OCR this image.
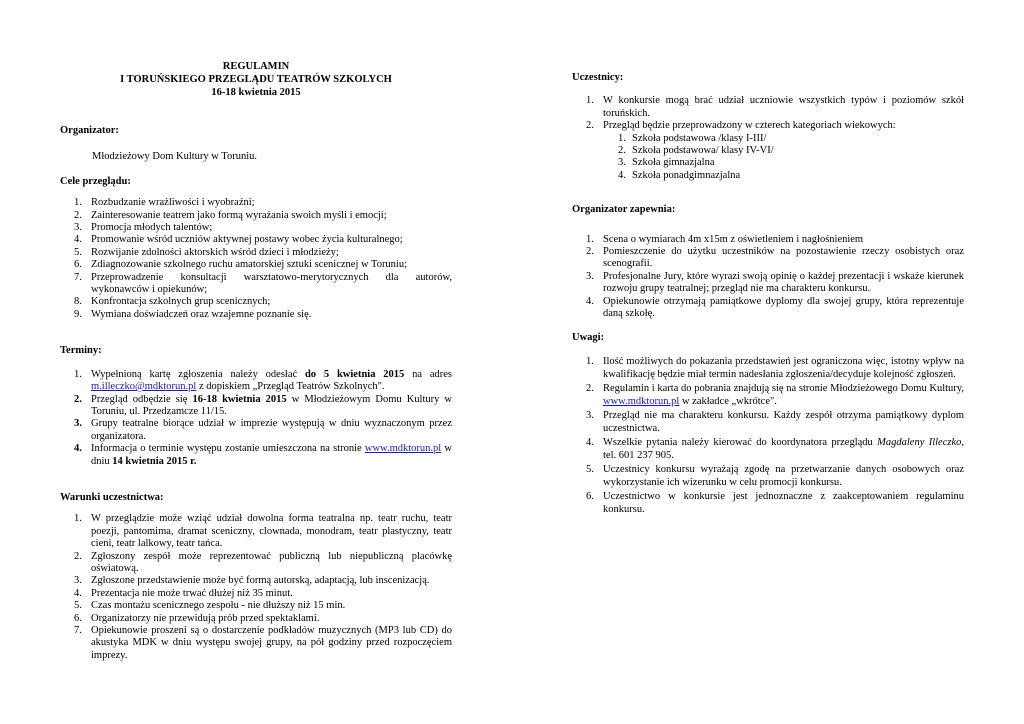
REGULAMIN
I TORUŃSKIEGO PRZEGLĄDU TEATRÓW SZKOLYCH
16-18 kwietnia 2015
Organizator:
Młodzieżowy Dom Kultury w Toruniu.
Cele przeglądu:
1. Rozbudzanie wrażliwości i wyobraźni;
2. Zainteresowanie teatrem jako formą wyrażania swoich myśli i emocji;
3. Promocja młodych talentów;
4. Promowanie wśród uczniów aktywnej postawy wobec życia kulturalnego;
5. Rozwijanie zdolności aktorskich wśród dzieci i młodzieży;
6. Zdiagnozowanie szkolnego ruchu amatorskiej sztuki scenicznej w Toruniu;
7. Przeprowadzenie konsultacji warsztatowo-merytorycznych dla autorów, wykonawców i opiekunów;
8. Konfrontacja szkolnych grup scenicznych;
9. Wymiana doświadczeń oraz wzajemne poznanie się.
Terminy:
1. Wypełnioną kartę zgłoszenia należy odesłać do 5 kwietnia 2015 na adres m.illeczko@mdktorun.pl z dopiskiem „Przegląd Teatrów Szkolnych".
2. Przegląd odbędzie się 16-18 kwietnia 2015 w Młodzieżowym Domu Kultury w Toruniu, ul. Przedzamcze 11/15.
3. Grupy teatralne biorące udział w imprezie występują w dniu wyznaczonym przez organizatora.
4. Informacja o terminie występu zostanie umieszczona na stronie www.mdktorun.pl w dniu 14 kwietnia 2015 r.
Warunki uczestnictwa:
1. W przeglądzie może wziąć udział dowolna forma teatralna np. teatr ruchu, teatr poezji, pantomima, dramat sceniczny, clownada, monodram, teatr plastyczny, teatr cieni, teatr lalkowy, teatr tańca.
2. Zgłoszony zespół może reprezentować publiczną lub niepubliczną placówkę oświatową.
3. Zgłoszone przedstawienie może być formą autorską, adaptacją, lub inscenizacją.
4. Prezentacja nie może trwać dłużej niż 35 minut.
5. Czas montażu scenicznego zespołu - nie dłuższy niż 15 min.
6. Organizatorzy nie przewidują prób przed spektaklami.
7. Opiekunowie proszeni są o dostarczenie podkładów muzycznych (MP3 lub CD) do akustyka MDK w dniu występu swojej grupy, na pół godziny przed rozpoczęciem imprezy.
Uczestnicy:
1. W konkursie mogą brać udział uczniowie wszystkich typów i poziomów szkół toruńskich.
2. Przegląd będzie przeprowadzony w czterech kategoriach wiekowych:
1. Szkoła podstawowa /klasy I-III/
2. Szkoła podstawowa/ klasy IV-VI/
3. Szkoła gimnazjalna
4. Szkoła ponadgimnazjalna
Organizator zapewnia:
1. Scena o wymiarach 4m x15m z oświetleniem i nagłośnieniem
2. Pomieszczenie do użytku uczestników na pozostawienie rzeczy osobistych oraz scenografii.
3. Profesjonalne Jury, które wyrazi swoją opinię o każdej prezentacji i wskaże kierunek rozwoju grupy teatralnej; przegląd nie ma charakteru konkursu.
4. Opiekunowie otrzymają pamiątkowe dyplomy dla swojej grupy, która reprezentuje daną szkołę.
Uwagi:
1. Ilość możliwych do pokazania przedstawień jest ograniczona więc, istotny wpływ na kwalifikację będzie miał termin nadesłania zgłoszenia/decyduje kolejność zgłoszeń.
2. Regulamin i karta do pobrania znajdują się na stronie Młodzieżowego Domu Kultury, www.mdktorun.pl w zakładce „wkrótce".
3. Przegląd nie ma charakteru konkursu. Każdy zespół otrzyma pamiątkowy dyplom uczestnictwa.
4. Wszelkie pytania należy kierować do koordynatora przeglądu Magdaleny Illeczko, tel. 601 237 905.
5. Uczestnicy konkursu wyrażają zgodę na przetwarzanie danych osobowych oraz wykorzystanie ich wizerunku w celu promocji konkursu.
6. Uczestnictwo w konkursie jest jednoznaczne z zaakceptowaniem regulaminu konkursu.
